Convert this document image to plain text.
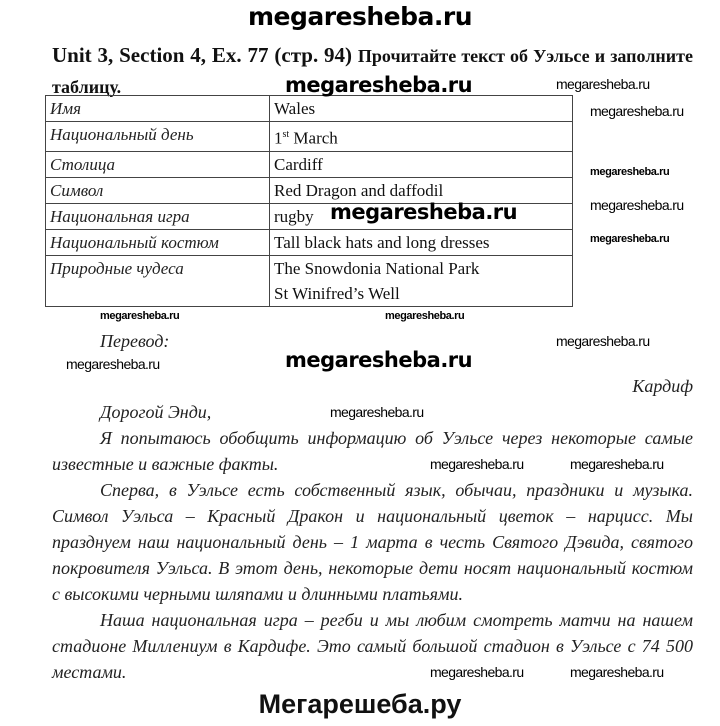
megaresheba.ru
Unit 3, Section 4, Ex. 77 (стр. 94) Прочитайте текст об Уэльсе и заполните таблицу.
Имя	Wales
Национальный день	1st March
Столица	Cardiff
Символ	Red Dragon and daffodil
Национальная игра	rugby
Национальный костюм	Tall black hats and long dresses
Природные чудеса	The Snowdonia National Park
St Winifred’s Well

Перевод:

Кардиф

Дорогой Энди,

Я попытаюсь обобщить информацию об Уэльсе через некоторые самые известные и важные факты.

Сперва, в Уэльсе есть собственный язык, обычаи, праздники и музыка. Символ Уэльса – Красный Дракон и национальный цветок – нарцисс. Мы празднуем наш национальный день – 1 марта в честь Святого Дэвида, святого покровителя Уэльса. В этот день, некоторые дети носят национальный костюм с высокими черными шляпами и длинными платьями.

Наша национальная игра – регби и мы любим смотреть матчи на нашем стадионе Миллениум в Кардифе. Это самый большой стадион в Уэльсе с 74 500 местами.

megaresheba.ru	megaresheba.ru
megaresheba.ru
megaresheba.ru
megaresheba.ru
megaresheba.ru
megaresheba.ru
megaresheba.ru	megaresheba.ru
megaresheba.ru
megaresheba.ru
megaresheba.ru
megaresheba.ru
megaresheba.ru	megaresheba.ru
megaresheba.ru	megaresheba.ru
Мегарешеба.ру
